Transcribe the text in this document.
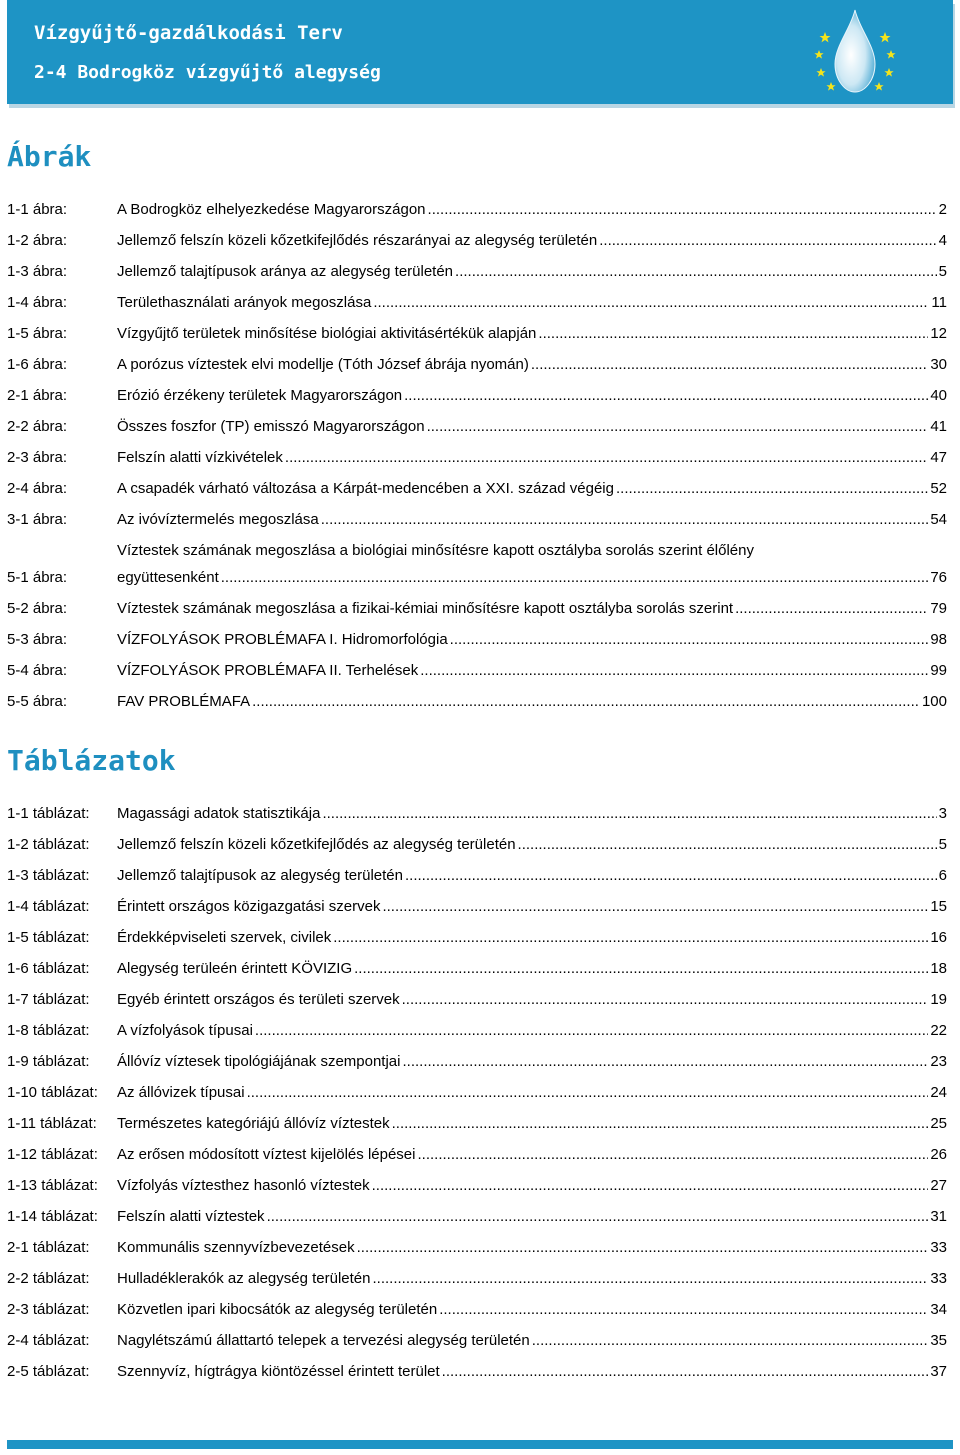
Vízgyűjtő-gazdálkodási Terv
2-4 Bodrogköz vízgyűjtő alegység
Ábrák
1-1 ábra:	A Bodrogköz elhelyezkedése Magyarországon .....	2
1-2 ábra:	Jellemző felszín közeli kőzetkifejlődés részarányai az alegység területén .....	4
1-3 ábra:	Jellemző talajtípusok aránya az alegység területén .....	5
1-4 ábra:	Területhasználati arányok megoszlása .....	11
1-5 ábra:	Vízgyűjtő területek minősítése biológiai aktivitásértékük alapján .....	12
1-6 ábra:	A porózus víztestek elvi modellje (Tóth József ábrája nyomán) .....	30
2-1 ábra:	Erózió érzékeny területek Magyarországon .....	40
2-2 ábra:	Összes foszfor (TP) emisszó Magyarországon .....	41
2-3 ábra:	Felszín alatti vízkivételek .....	47
2-4 ábra:	A csapadék várható változása a Kárpát-medencében a XXI. század végéig .....	52
3-1 ábra:	Az ivóvíztermelés megoszlása .....	54
5-1 ábra:
Víztestek számának megoszlása a biológiai minősítésre kapott osztályba sorolás szerint élőlény
együttesenként .....	76
5-2 ábra:	Víztestek számának megoszlása a fizikai-kémiai minősítésre kapott osztályba sorolás szerint .....	79
5-3 ábra:	VÍZFOLYÁSOK PROBLÉMAFA I. Hidromorfológia .....	98
5-4 ábra:	VÍZFOLYÁSOK PROBLÉMAFA II. Terhelések .....	99
5-5 ábra:	FAV PROBLÉMAFA .....	100
Táblázatok
1-1 táblázat:	Magassági adatok statisztikája .....	3
1-2 táblázat:	Jellemző felszín közeli kőzetkifejlődés az alegység területén .....	5
1-3 táblázat:	Jellemző talajtípusok az alegység területén .....	6
1-4 táblázat:	Érintett országos közigazgatási szervek .....	15
1-5 táblázat:	Érdekképviseleti szervek, civilek .....	16
1-6 táblázat:	Alegység terüleén érintett KÖVIZIG .....	18
1-7 táblázat:	Egyéb érintett országos és területi szervek .....	19
1-8 táblázat:	A vízfolyások típusai .....	22
1-9 táblázat:	Állóvíz víztesek tipológiájának szempontjai .....	23
1-10 táblázat:	Az állóvizek típusai .....	24
1-11 táblázat:	Természetes kategóriájú állóvíz víztestek .....	25
1-12 táblázat:	Az erősen módosított víztest kijelölés lépései .....	26
1-13 táblázat:	Vízfolyás víztesthez hasonló víztestek .....	27
1-14 táblázat:	Felszín alatti víztestek .....	31
2-1 táblázat:	Kommunális szennyvízbevezetések .....	33
2-2 táblázat:	Hulladéklerakók az alegység területén .....	33
2-3 táblázat:	Közvetlen ipari kibocsátók az alegység területén .....	34
2-4 táblázat:	Nagylétszámú állattartó telepek a tervezési alegység területén .....	35
2-5 táblázat:	Szennyvíz, hígtrágya kiöntözéssel érintett terület .....	37
